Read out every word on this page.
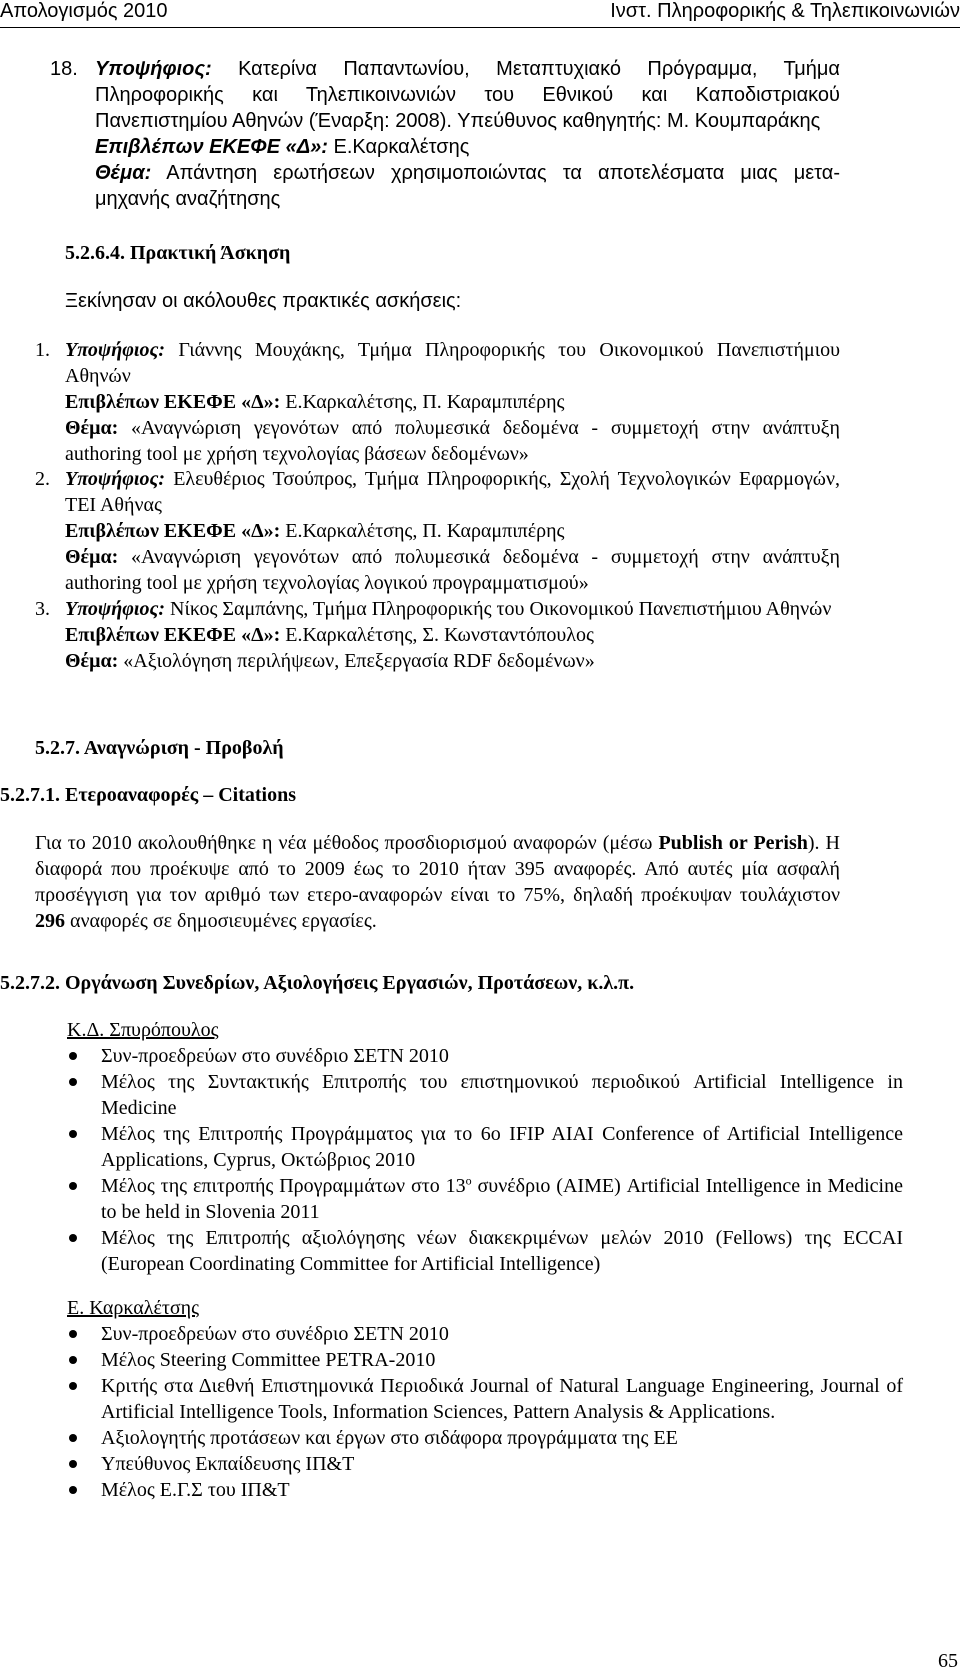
Απολογισμός 2010	Ινστ. Πληροφορικής & Τηλεπικοινωνιών
18. Υποψήφιος: Κατερίνα Παπαντωνίου, Μεταπτυχιακό Πρόγραμμα, Τμήμα Πληροφορικής και Τηλεπικοινωνιών του Εθνικού και Καποδιστριακού Πανεπιστημίου Αθηνών (Έναρξη: 2008). Υπεύθυνος καθηγητής: Μ. Κουμπαράκης
Επιβλέπων ΕΚΕΦΕ «Δ»: Ε.Καρκαλέτσης
Θέμα: Απάντηση ερωτήσεων χρησιμοποιώντας τα αποτελέσματα μιας μετα-μηχανής αναζήτησης
5.2.6.4. Πρακτική Άσκηση
Ξεκίνησαν οι ακόλουθες πρακτικές ασκήσεις:
1. Υποψήφιος: Γιάννης Μουχάκης, Τμήμα Πληροφορικής του Οικονομικού Πανεπιστήμιου Αθηνών
Επιβλέπων ΕΚΕΦΕ «Δ»: Ε.Καρκαλέτσης, Π. Καραμπιπέρης
Θέμα: «Αναγνώριση γεγονότων από πολυμεσικά δεδομένα - συμμετοχή στην ανάπτυξη authoring tool με χρήση τεχνολογίας βάσεων δεδομένων»
2. Υποψήφιος: Ελευθέριος Τσούπρος, Τμήμα Πληροφορικής, Σχολή Τεχνολογικών Εφαρμογών, ΤΕΙ Αθήνας
Επιβλέπων ΕΚΕΦΕ «Δ»: Ε.Καρκαλέτσης, Π. Καραμπιπέρης
Θέμα: «Αναγνώριση γεγονότων από πολυμεσικά δεδομένα - συμμετοχή στην ανάπτυξη authoring tool με χρήση τεχνολογίας λογικού προγραμματισμού»
3. Υποψήφιος: Νίκος Σαμπάνης, Τμήμα Πληροφορικής του Οικονομικού Πανεπιστήμιου Αθηνών
Επιβλέπων ΕΚΕΦΕ «Δ»: Ε.Καρκαλέτσης, Σ. Κωνσταντόπουλος
Θέμα: «Αξιολόγηση περιλήψεων, Επεξεργασία RDF δεδομένων»
5.2.7. Αναγνώριση - Προβολή
5.2.7.1. Ετεροαναφορές – Citations
Για το 2010 ακολουθήθηκε η νέα μέθοδος προσδιορισμού αναφορών (μέσω Publish or Perish). Η διαφορά που προέκυψε από το 2009 έως το 2010 ήταν 395 αναφορές. Από αυτές μία ασφαλή προσέγγιση για τον αριθμό των ετερο-αναφορών είναι το 75%, δηλαδή προέκυψαν τουλάχιστον 296 αναφορές σε δημοσιευμένες εργασίες.
5.2.7.2. Οργάνωση Συνεδρίων, Αξιολογήσεις Εργασιών, Προτάσεων, κ.λ.π.
Κ.Δ. Σπυρόπουλος
Συν-προεδρεύων στο συνέδριο ΣΕΤΝ 2010
Μέλος της Συντακτικής Επιτροπής του επιστημονικού περιοδικού Artificial Intelligence in Medicine
Μέλος της Επιτροπής Προγράμματος για το 6ο IFIP AIAI Conference of Artificial Intelligence Applications, Cyprus, Οκτώβριος 2010
Μέλος της επιτροπής Προγραμμάτων στο $13^o$ συνέδριο (AIME) Artificial Intelligence in Medicine to be held in Slovenia 2011
Μέλος της Επιτροπής αξιολόγησης νέων διακεκριμένων μελών 2010 (Fellows) της ECCAI (European Coordinating Committee for Artificial Intelligence)
Ε. Καρκαλέτσης
Συν-προεδρεύων στο συνέδριο ΣΕΤΝ 2010
Μέλος Steering Committee PETRA-2010
Κριτής στα Διεθνή Επιστημονικά Περιοδικά Journal of Natural Language Engineering, Journal of Artificial Intelligence Tools, Information Sciences, Pattern Analysis & Applications.
Αξιολογητής προτάσεων και έργων στο σιδάφορα προγράμματα της ΕΕ
Υπεύθυνος Εκπαίδευσης ΙΠ&Τ
Μέλος Ε.Γ.Σ του ΙΠ&Τ
65
